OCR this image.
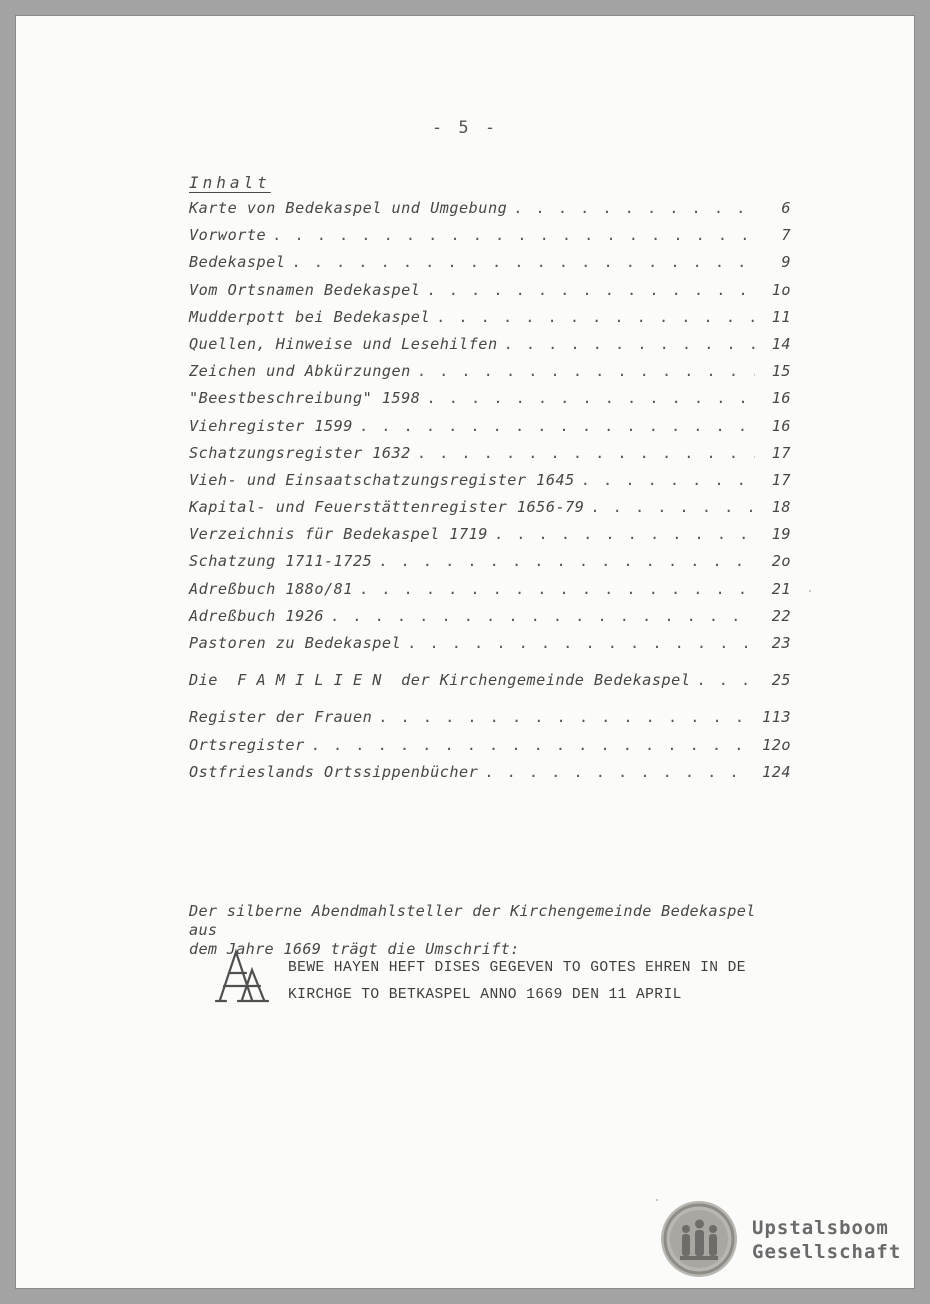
- 5 -
Inhalt
Karte von Bedekaspel und Umgebung . . .	6
Vorworte . . .	7
Bedekaspel . . .	9
Vom Ortsnamen Bedekaspel . . .	1o
Mudderpott bei Bedekaspel . . .	11
Quellen, Hinweise und Lesehilfen . . .	14
Zeichen und Abkürzungen . . .	15
"Beestbeschreibung" 1598 . . .	16
Viehregister 1599 . . .	16
Schatzungsregister 1632 . . .	17
Vieh- und Einsaatschatzungsregister 1645 . . .	17
Kapital- und Feuerstättenregister 1656-79 . . .	18
Verzeichnis für Bedekaspel 1719 . . .	19
Schatzung 1711-1725 . . .	2o
Adreßbuch 188o/81 . . .	21
Adreßbuch 1926 . . .	22
Pastoren zu Bedekaspel . . .	23
Die  F A M I L I E N  der Kirchengemeinde Bedekaspel . . .	25
Register der Frauen . . .	113
Ortsregister . . .	12o
Ostfrieslands Ortssippenbücher . . .	124
Der silberne Abendmahlsteller der Kirchengemeinde Bedekaspel aus
dem Jahre 1669 trägt die Umschrift:
BEWE HAYEN HEFT DISES GEGEVEN TO GOTES EHREN IN DE
KIRCHGE TO BETKASPEL ANNO 1669 DEN 11 APRIL
Upstalsboom
Gesellschaft
